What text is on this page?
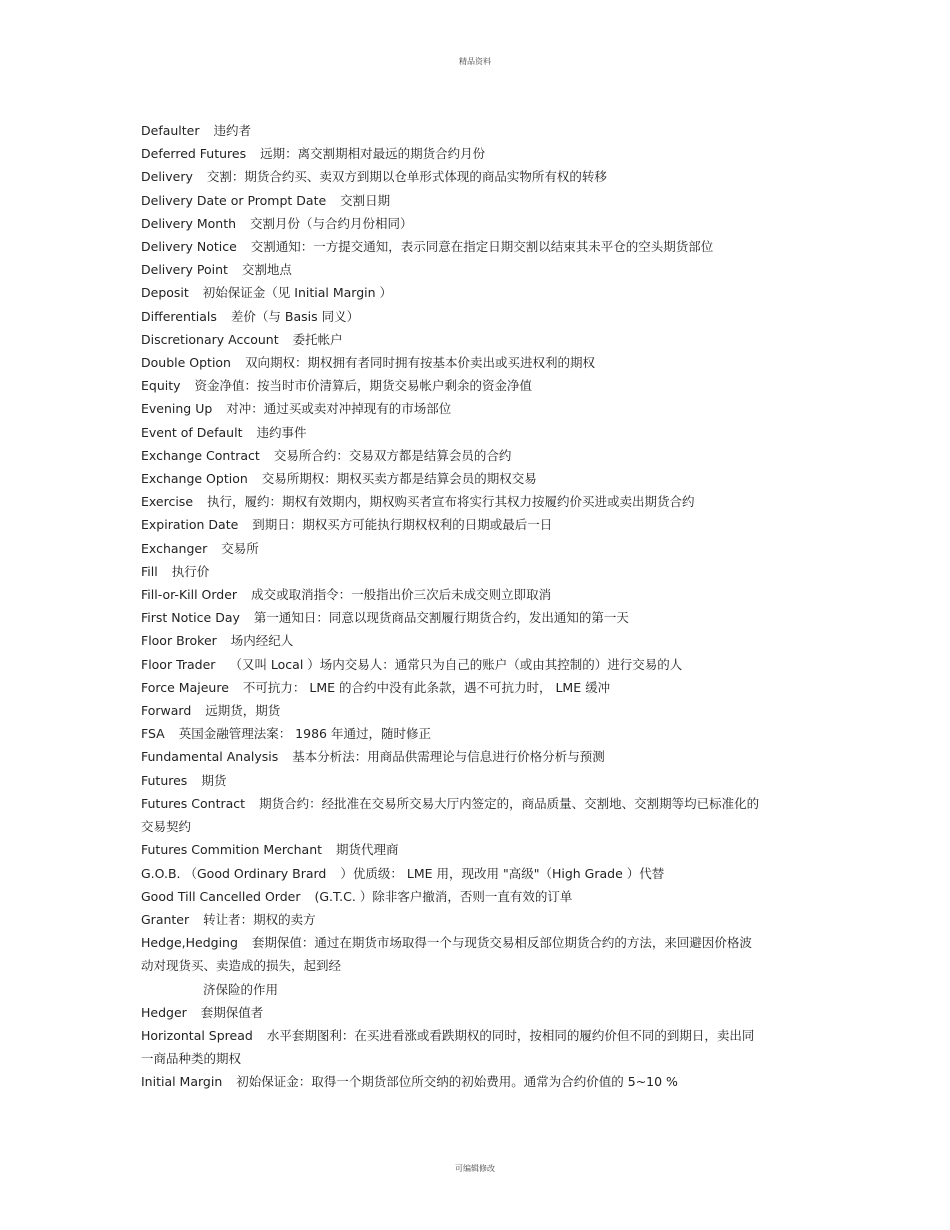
精品资料
Defaulter 违约者
Deferred Futures 远期：离交割期相对最远的期货合约月份
Delivery 交割：期货合约买、卖双方到期以仓单形式体现的商品实物所有权的转移
Delivery Date or Prompt Date 交割日期
Delivery Month 交割月份（与合约月份相同）
Delivery Notice 交割通知：一方提交通知，表示同意在指定日期交割以结束其未平仓的空头期货部位
Delivery Point 交割地点
Deposit 初始保证金（见 Initial Margin ）
Differentials 差价（与 Basis 同义）
Discretionary Account 委托帐户
Double Option 双向期权：期权拥有者同时拥有按基本价卖出或买进权利的期权
Equity 资金净值：按当时市价清算后，期货交易帐户剩余的资金净值
Evening Up 对冲：通过买或卖对冲掉现有的市场部位
Event of Default 违约事件
Exchange Contract 交易所合约：交易双方都是结算会员的合约
Exchange Option 交易所期权：期权买卖方都是结算会员的期权交易
Exercise 执行，履约：期权有效期内，期权购买者宣布将实行其权力按履约价买进或卖出期货合约
Expiration Date 到期日：期权买方可能执行期权权利的日期或最后一日
Exchanger 交易所
Fill 执行价
Fill-or-Kill Order 成交或取消指令：一般指出价三次后未成交则立即取消
First Notice Day 第一通知日：同意以现货商品交割履行期货合约，发出通知的第一天
Floor Broker 场内经纪人
Floor Trader （又叫 Local ）场内交易人：通常只为自己的账户（或由其控制的）进行交易的人
Force Majeure 不可抗力： LME 的合约中没有此条款，遇不可抗力时， LME 缓冲
Forward 远期货，期货
FSA 英国金融管理法案： 1986 年通过，随时修正
Fundamental Analysis 基本分析法：用商品供需理论与信息进行价格分析与预测
Futures 期货
Futures Contract 期货合约：经批准在交易所交易大厅内签定的，商品质量、交割地、交割期等均已标准化的交易契约
Futures Commition Merchant 期货代理商
G.O.B. （Good Ordinary Brard ）优质级： LME 用，现改用 "高级"（High Grade ）代替
Good Till Cancelled Order (G.T.C. ）除非客户撤消，否则一直有效的订单
Granter 转让者：期权的卖方
Hedge,Hedging 套期保值：通过在期货市场取得一个与现货交易相反部位期货合约的方法，来回避因价格波动对现货买、卖造成的损失，起到经
济保险的作用
Hedger 套期保值者
Horizontal Spread 水平套期图利：在买进看涨或看跌期权的同时，按相同的履约价但不同的到期日，卖出同一商品种类的期权
Initial Margin 初始保证金：取得一个期货部位所交纳的初始费用。通常为合约价值的 5~10 %
可编辑修改
